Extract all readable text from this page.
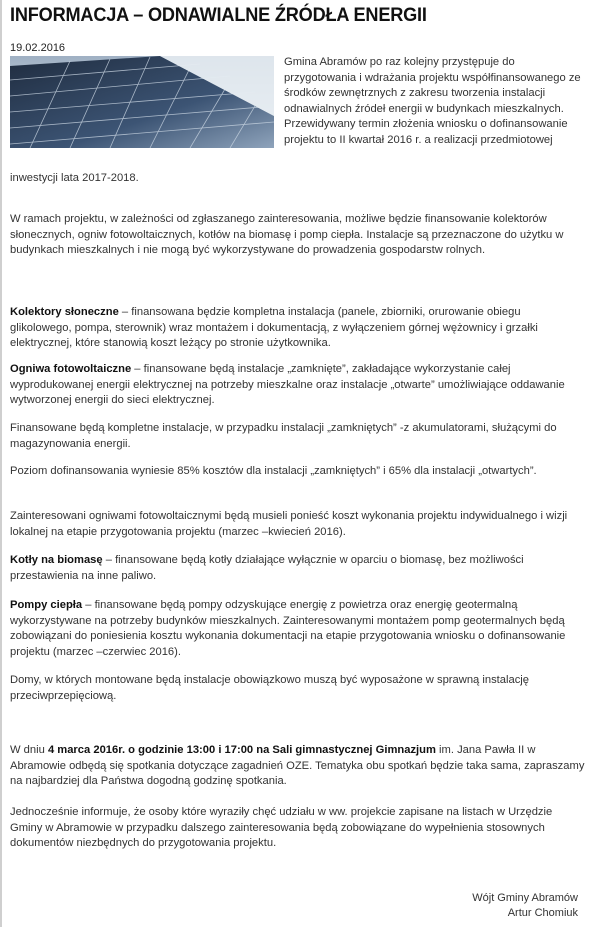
INFORMACJA – ODNAWIALNE ŹRÓDŁA ENERGII
19.02.2016
Gmina Abramów po raz kolejny przystępuje do przygotowania i wdrażania projektu współfinansowanego ze środków zewnętrznych z zakresu tworzenia instalacji odnawialnych źródeł energii w budynkach mieszkalnych. Przewidywany termin złożenia wniosku o dofinansowanie projektu to II kwartał 2016 r. a realizacji przedmiotowej
inwestycji lata 2017-2018.

W ramach projektu, w zależności od zgłaszanego zainteresowania, możliwe będzie finansowanie kolektorów słonecznych, ogniw fotowoltaicznych, kotłów na biomasę i pomp ciepła. Instalacje są przeznaczone do użytku w budynkach mieszkalnych i nie mogą być wykorzystywane do prowadzenia gospodarstw rolnych.

Kolektory słoneczne – finansowana będzie kompletna instalacja (panele, zbiorniki, orurowanie obiegu glikolowego, pompa, sterownik) wraz montażem i dokumentacją, z wyłączeniem górnej wężownicy i grzałki elektrycznej, które stanowią koszt leżący po stronie użytkownika.

Ogniwa fotowoltaiczne – finansowane będą instalacje „zamknięte”, zakładające wykorzystanie całej wyprodukowanej energii elektrycznej na potrzeby mieszkalne oraz instalacje „otwarte” umożliwiające oddawanie wytworzonej energii do sieci elektrycznej.

Finansowane będą kompletne instalacje, w przypadku instalacji „zamkniętych” -z akumulatorami, służącymi do magazynowania energii.

Poziom dofinansowania wyniesie 85% kosztów dla instalacji „zamkniętych” i 65% dla instalacji „otwartych”.

Zainteresowani ogniwami fotowoltaicznymi będą musieli ponieść koszt wykonania projektu indywidualnego i wizji lokalnej na etapie przygotowania projektu (marzec –kwiecień 2016).

Kotły na biomasę – finansowane będą kotły działające wyłącznie w oparciu o biomasę, bez możliwości przestawienia na inne paliwo.

Pompy ciepła – finansowane będą pompy odzyskujące energię z powietrza oraz energię geotermalną wykorzystywane na potrzeby budynków mieszkalnych. Zainteresowanymi montażem pomp geotermalnych będą zobowiązani do poniesienia kosztu wykonania dokumentacji na etapie przygotowania wniosku o dofinansowanie projektu (marzec –czerwiec 2016).

Domy, w których montowane będą instalacje obowiązkowo muszą być wyposażone w sprawną instalację przeciwprzepięciową.

W dniu 4 marca 2016r. o godzinie 13:00 i 17:00 na Sali gimnastycznej Gimnazjum im. Jana Pawła II w Abramowie odbędą się spotkania dotyczące zagadnień OZE. Tematyka obu spotkań będzie taka sama, zapraszamy na najbardziej dla Państwa dogodną godzinę spotkania.

Jednocześnie informuje, że osoby które wyraziły chęć udziału w ww. projekcie zapisane na listach w Urzędzie Gminy w Abramowie w przypadku dalszego zainteresowania będą zobowiązane do wypełnienia stosownych dokumentów niezbędnych do przygotowania projektu.

Wójt Gminy Abramów
Artur Chomiuk
